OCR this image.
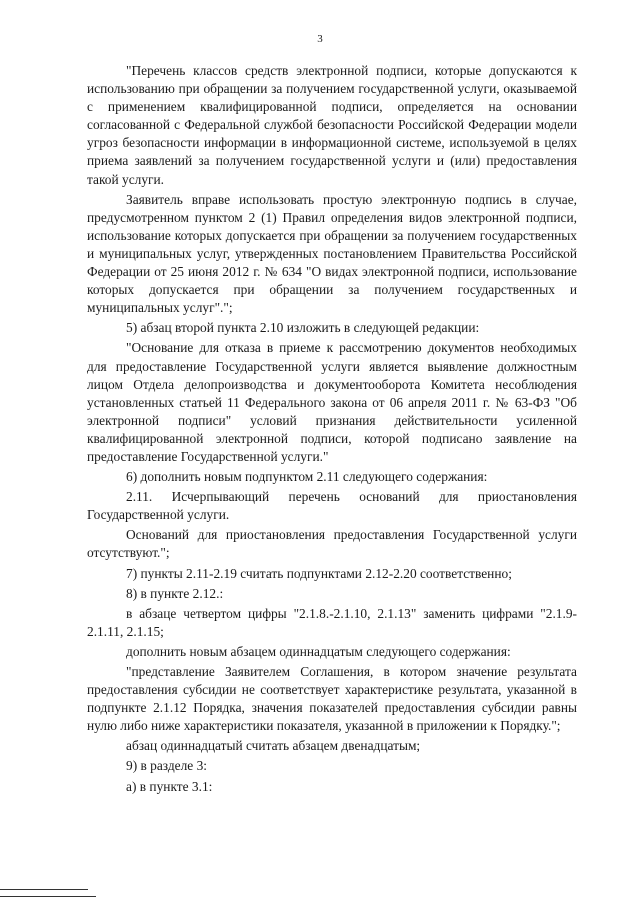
3

"Перечень классов средств электронной подписи, которые допускаются к использованию при обращении за получением государственной услуги, оказываемой с применением квалифицированной подписи, определяется на основании согласованной с Федеральной службой безопасности Российской Федерации модели угроз безопасности информации в информационной системе, используемой в целях приема заявлений за получением государственной услуги и (или) предоставления такой услуги.

Заявитель вправе использовать простую электронную подпись в случае, предусмотренном пунктом 2 (1) Правил определения видов электронной подписи, использование которых допускается при обращении за получением государственных и муниципальных услуг, утвержденных постановлением Правительства Российской Федерации от 25 июня 2012 г. № 634 "О видах электронной подписи, использование которых допускается при обращении за получением государственных и муниципальных услуг".";

5) абзац второй пункта 2.10 изложить в следующей редакции:

"Основание для отказа в приеме к рассмотрению документов необходимых для предоставление Государственной услуги является выявление должностным лицом Отдела делопроизводства и документооборота Комитета несоблюдения установленных статьей 11 Федерального закона от 06 апреля 2011 г. № 63-ФЗ "Об электронной подписи" условий признания действительности усиленной квалифицированной электронной подписи, которой подписано заявление на предоставление Государственной услуги."

6) дополнить новым подпунктом 2.11 следующего содержания:

2.11. Исчерпывающий перечень оснований для приостановления Государственной услуги.

Оснований для приостановления предоставления Государственной услуги отсутствуют.";

7) пункты 2.11-2.19 считать подпунктами 2.12-2.20 соответственно;

8) в пункте 2.12.:

в абзаце четвертом цифры "2.1.8.-2.1.10, 2.1.13" заменить цифрами "2.1.9-2.1.11, 2.1.15;

дополнить новым абзацем одиннадцатым следующего содержания:

"представление Заявителем Соглашения, в котором значение результата предоставления субсидии не соответствует характеристике результата, указанной в подпункте 2.1.12 Порядка, значения показателей предоставления субсидии равны нулю либо ниже характеристики показателя, указанной в приложении к Порядку.";

абзац одиннадцатый считать абзацем двенадцатым;

9) в разделе 3:

а) в пункте 3.1:
